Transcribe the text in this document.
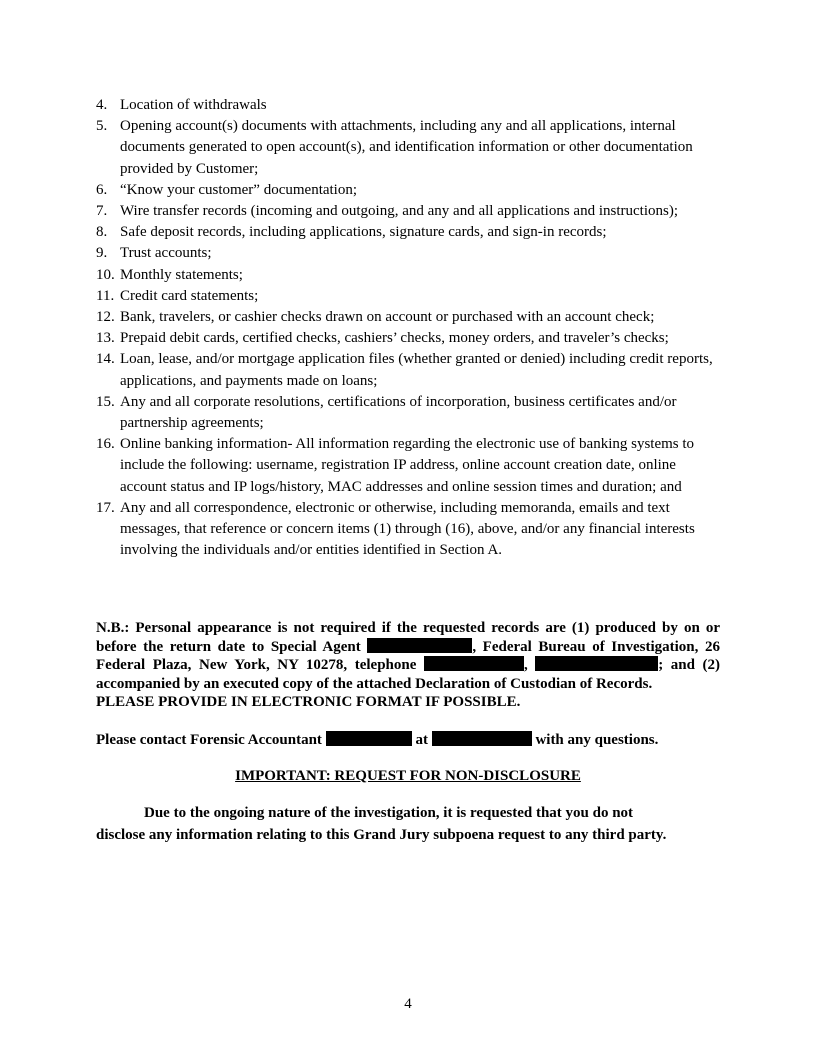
4. Location of withdrawals
5. Opening account(s) documents with attachments, including any and all applications, internal documents generated to open account(s), and identification information or other documentation provided by Customer;
6. “Know your customer” documentation;
7. Wire transfer records (incoming and outgoing, and any and all applications and instructions);
8. Safe deposit records, including applications, signature cards, and sign-in records;
9. Trust accounts;
10. Monthly statements;
11. Credit card statements;
12. Bank, travelers, or cashier checks drawn on account or purchased with an account check;
13. Prepaid debit cards, certified checks, cashiers’ checks, money orders, and traveler’s checks;
14. Loan, lease, and/or mortgage application files (whether granted or denied) including credit reports, applications, and payments made on loans;
15. Any and all corporate resolutions, certifications of incorporation, business certificates and/or partnership agreements;
16. Online banking information- All information regarding the electronic use of banking systems to include the following: username, registration IP address, online account creation date, online account status and IP logs/history, MAC addresses and online session times and duration; and
17. Any and all correspondence, electronic or otherwise, including memoranda, emails and text messages, that reference or concern items (1) through (16), above, and/or any financial interests involving the individuals and/or entities identified in Section A.

N.B.: Personal appearance is not required if the requested records are (1) produced by on or before the return date to Special Agent	, Federal Bureau of Investigation, 26 Federal Plaza, New York, NY 10278, telephone	,	; and (2) accompanied by an executed copy of the attached Declaration of Custodian of Records.
PLEASE PROVIDE IN ELECTRONIC FORMAT IF POSSIBLE.

Please contact Forensic Accountant	at	with any questions.

IMPORTANT: REQUEST FOR NON-DISCLOSURE

Due to the ongoing nature of the investigation, it is requested that you do not
disclose any information relating to this Grand Jury subpoena request to any third party.

4
